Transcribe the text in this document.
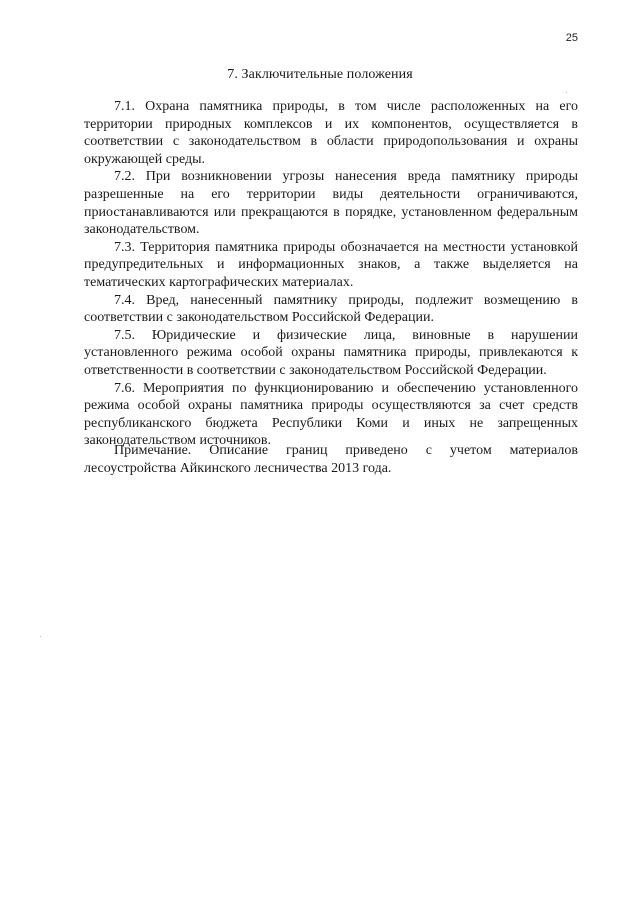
25
7. Заключительные положения

7.1. Охрана памятника природы, в том числе расположенных на его территории природных комплексов и их компонентов, осуществляется в соответствии с законодательством в области природопользования и охраны окружающей среды.

7.2. При возникновении угрозы нанесения вреда памятнику природы разрешенные на его территории виды деятельности ограничиваются, приостанавливаются или прекращаются в порядке, установленном федеральным законодательством.

7.3. Территория памятника природы обозначается на местности установкой предупредительных и информационных знаков, а также выделяется на тематических картографических материалах.

7.4. Вред, нанесенный памятнику природы, подлежит возмещению в соответствии с законодательством Российской Федерации.

7.5. Юридические и физические лица, виновные в нарушении установленного режима особой охраны памятника природы, привлекаются к ответственности в соответствии с законодательством Российской Федерации.

7.6. Мероприятия по функционированию и обеспечению установленного режима особой охраны памятника природы осуществляются за счет средств республиканского бюджета Республики Коми и иных не запрещенных законодательством источников.

Примечание. Описание границ приведено с учетом материалов лесоустройства Айкинского лесничества 2013 года.
